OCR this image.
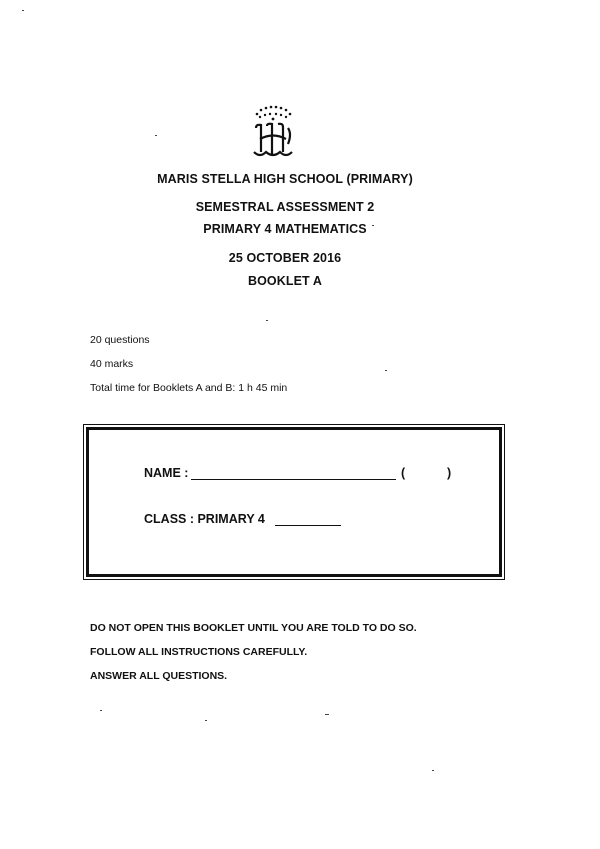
MARIS STELLA HIGH SCHOOL (PRIMARY)
SEMESTRAL ASSESSMENT 2
PRIMARY 4 MATHEMATICS
25 OCTOBER 2016
BOOKLET A
20 questions
40 marks
Total time for Booklets A and B: 1 h 45 min
NAME :	(	)
CLASS : PRIMARY 4
DO NOT OPEN THIS BOOKLET UNTIL YOU ARE TOLD TO DO SO.
FOLLOW ALL INSTRUCTIONS CAREFULLY.
ANSWER ALL QUESTIONS.
